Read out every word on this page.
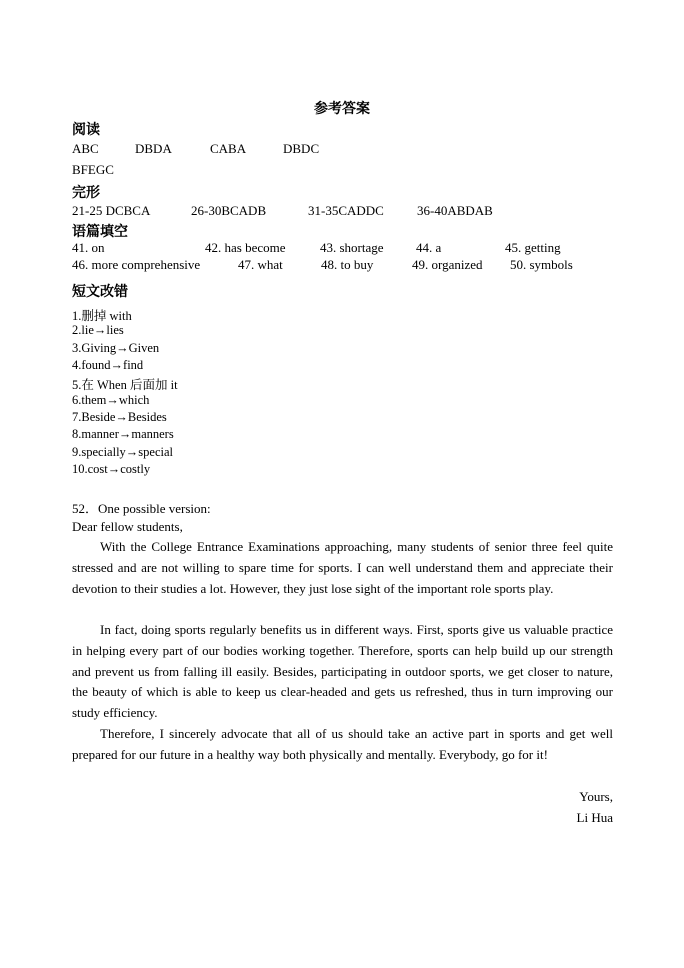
参考答案
阅读
ABC	DBDA	CABA	DBDC
BFEGC
完形
21-25 DCBCA	26-30BCADB	31-35CADDC	36-40ABDAB
语篇填空
41. on	42. has become	43. shortage 44. a	45. getting
46. more comprehensive	47. what	48. to buy	49. organized 50. symbols
短文改错
1.删掉 with
2.lie→lies
3.Giving→Given
4.found→find
5.在 When 后面加 it
6.them→which
7.Beside→Besides
8.manner→manners
9.specially→special
10.cost→costly
52．One possible version:
Dear fellow students,
With the College Entrance Examinations approaching, many students of senior three feel quite stressed and are not willing to spare time for sports. I can well understand them and appreciate their devotion to their studies a lot. However, they just lose sight of the important role sports play.
In fact, doing sports regularly benefits us in different ways. First, sports give us valuable practice in helping every part of our bodies working together. Therefore, sports can help build up our strength and prevent us from falling ill easily. Besides, participating in outdoor sports, we get closer to nature, the beauty of which is able to keep us clear-headed and gets us refreshed, thus in turn improving our study efficiency.
Therefore, I sincerely advocate that all of us should take an active part in sports and get well prepared for our future in a healthy way both physically and mentally. Everybody, go for it!
Yours,
Li Hua
